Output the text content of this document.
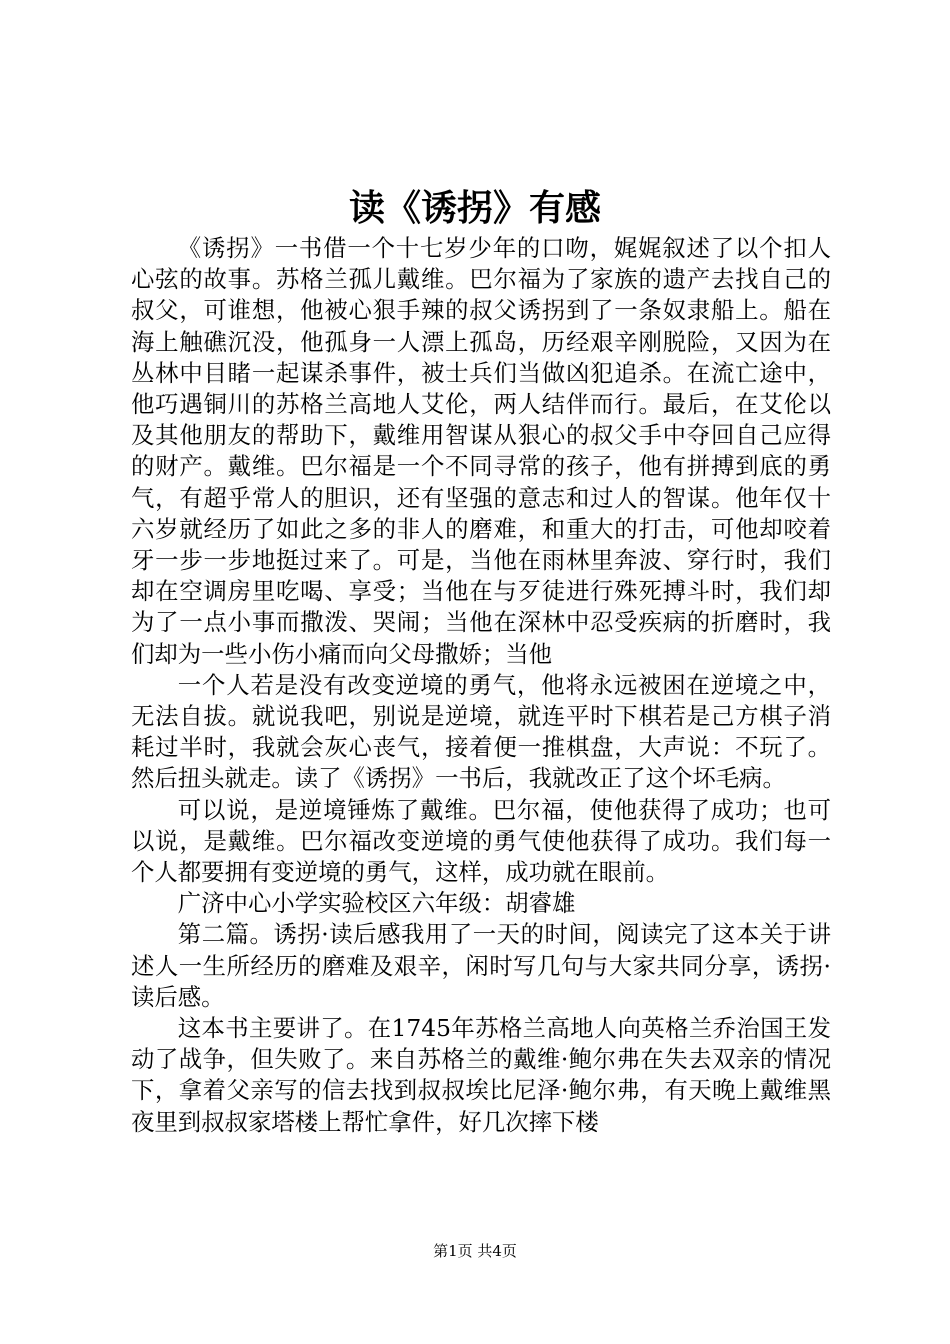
读《诱拐》有感

《诱拐》一书借一个十七岁少年的口吻，娓娓叙述了以个扣人心弦的故事。苏格兰孤儿戴维。巴尔福为了家族的遗产去找自己的叔父，可谁想，他被心狠手辣的叔父诱拐到了一条奴隶船上。船在海上触礁沉没，他孤身一人漂上孤岛，历经艰辛刚脱险，又因为在丛林中目睹一起谋杀事件，被士兵们当做凶犯追杀。在流亡途中，他巧遇铜川的苏格兰高地人艾伦，两人结伴而行。最后，在艾伦以及其他朋友的帮助下，戴维用智谋从狠心的叔父手中夺回自己应得的财产。戴维。巴尔福是一个不同寻常的孩子，他有拼搏到底的勇气，有超乎常人的胆识，还有坚强的意志和过人的智谋。他年仅十六岁就经历了如此之多的非人的磨难，和重大的打击，可他却咬着牙一步一步地挺过来了。可是，当他在雨林里奔波、穿行时，我们却在空调房里吃喝、享受；当他在与歹徒进行殊死搏斗时，我们却为了一点小事而撒泼、哭闹；当他在深林中忍受疾病的折磨时，我们却为一些小伤小痛而向父母撒娇；当他

一个人若是没有改变逆境的勇气，他将永远被困在逆境之中，无法自拔。就说我吧，别说是逆境，就连平时下棋若是己方棋子消耗过半时，我就会灰心丧气，接着便一推棋盘，大声说：不玩了。然后扭头就走。读了《诱拐》一书后，我就改正了这个坏毛病。

可以说，是逆境锤炼了戴维。巴尔福，使他获得了成功；也可以说，是戴维。巴尔福改变逆境的勇气使他获得了成功。我们每一个人都要拥有变逆境的勇气，这样，成功就在眼前。

广济中心小学实验校区六年级：胡睿雄

第二篇。诱拐·读后感我用了一天的时间，阅读完了这本关于讲述人一生所经历的磨难及艰辛，闲时写几句与大家共同分享，诱拐·读后感。

这本书主要讲了。在1745年苏格兰高地人向英格兰乔治国王发动了战争，但失败了。来自苏格兰的戴维·鲍尔弗在失去双亲的情况下，拿着父亲写的信去找到叔叔埃比尼泽·鲍尔弗，有天晚上戴维黑夜里到叔叔家塔楼上帮忙拿件，好几次摔下楼

第1页 共4页
